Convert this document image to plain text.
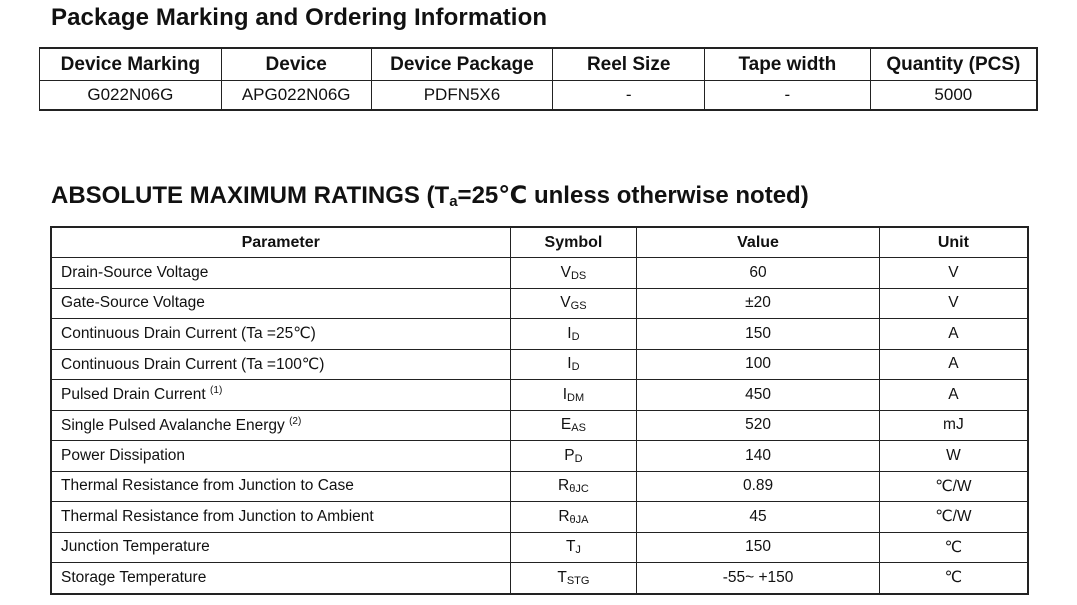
Package Marking and Ordering Information
Device Marking	Device	Device Package	Reel Size	Tape width	Quantity (PCS)
G022N06G	APG022N06G	PDFN5X6	-	-	5000
ABSOLUTE MAXIMUM RATINGS ($T_a=25℃$ unless otherwise noted)
Parameter	Symbol	Value	Unit
Drain-Source Voltage	VDS	60	V
Gate-Source Voltage	VGS	±20	V
Continuous Drain Current (Ta =25℃)	ID	150	A
Continuous Drain Current (Ta =100℃)	ID	100	A
Pulsed Drain Current $^{(1)}$	IDM	450	A
Single Pulsed Avalanche Energy $^{(2)}$	EAS	520	mJ
Power Dissipation	PD	140	W
Thermal Resistance from Junction to Case	RθJC	0.89	℃/W
Thermal Resistance from Junction to Ambient	RθJA	45	℃/W
Junction Temperature	TJ	150	℃
Storage Temperature	TSTG	-55~ +150	℃
